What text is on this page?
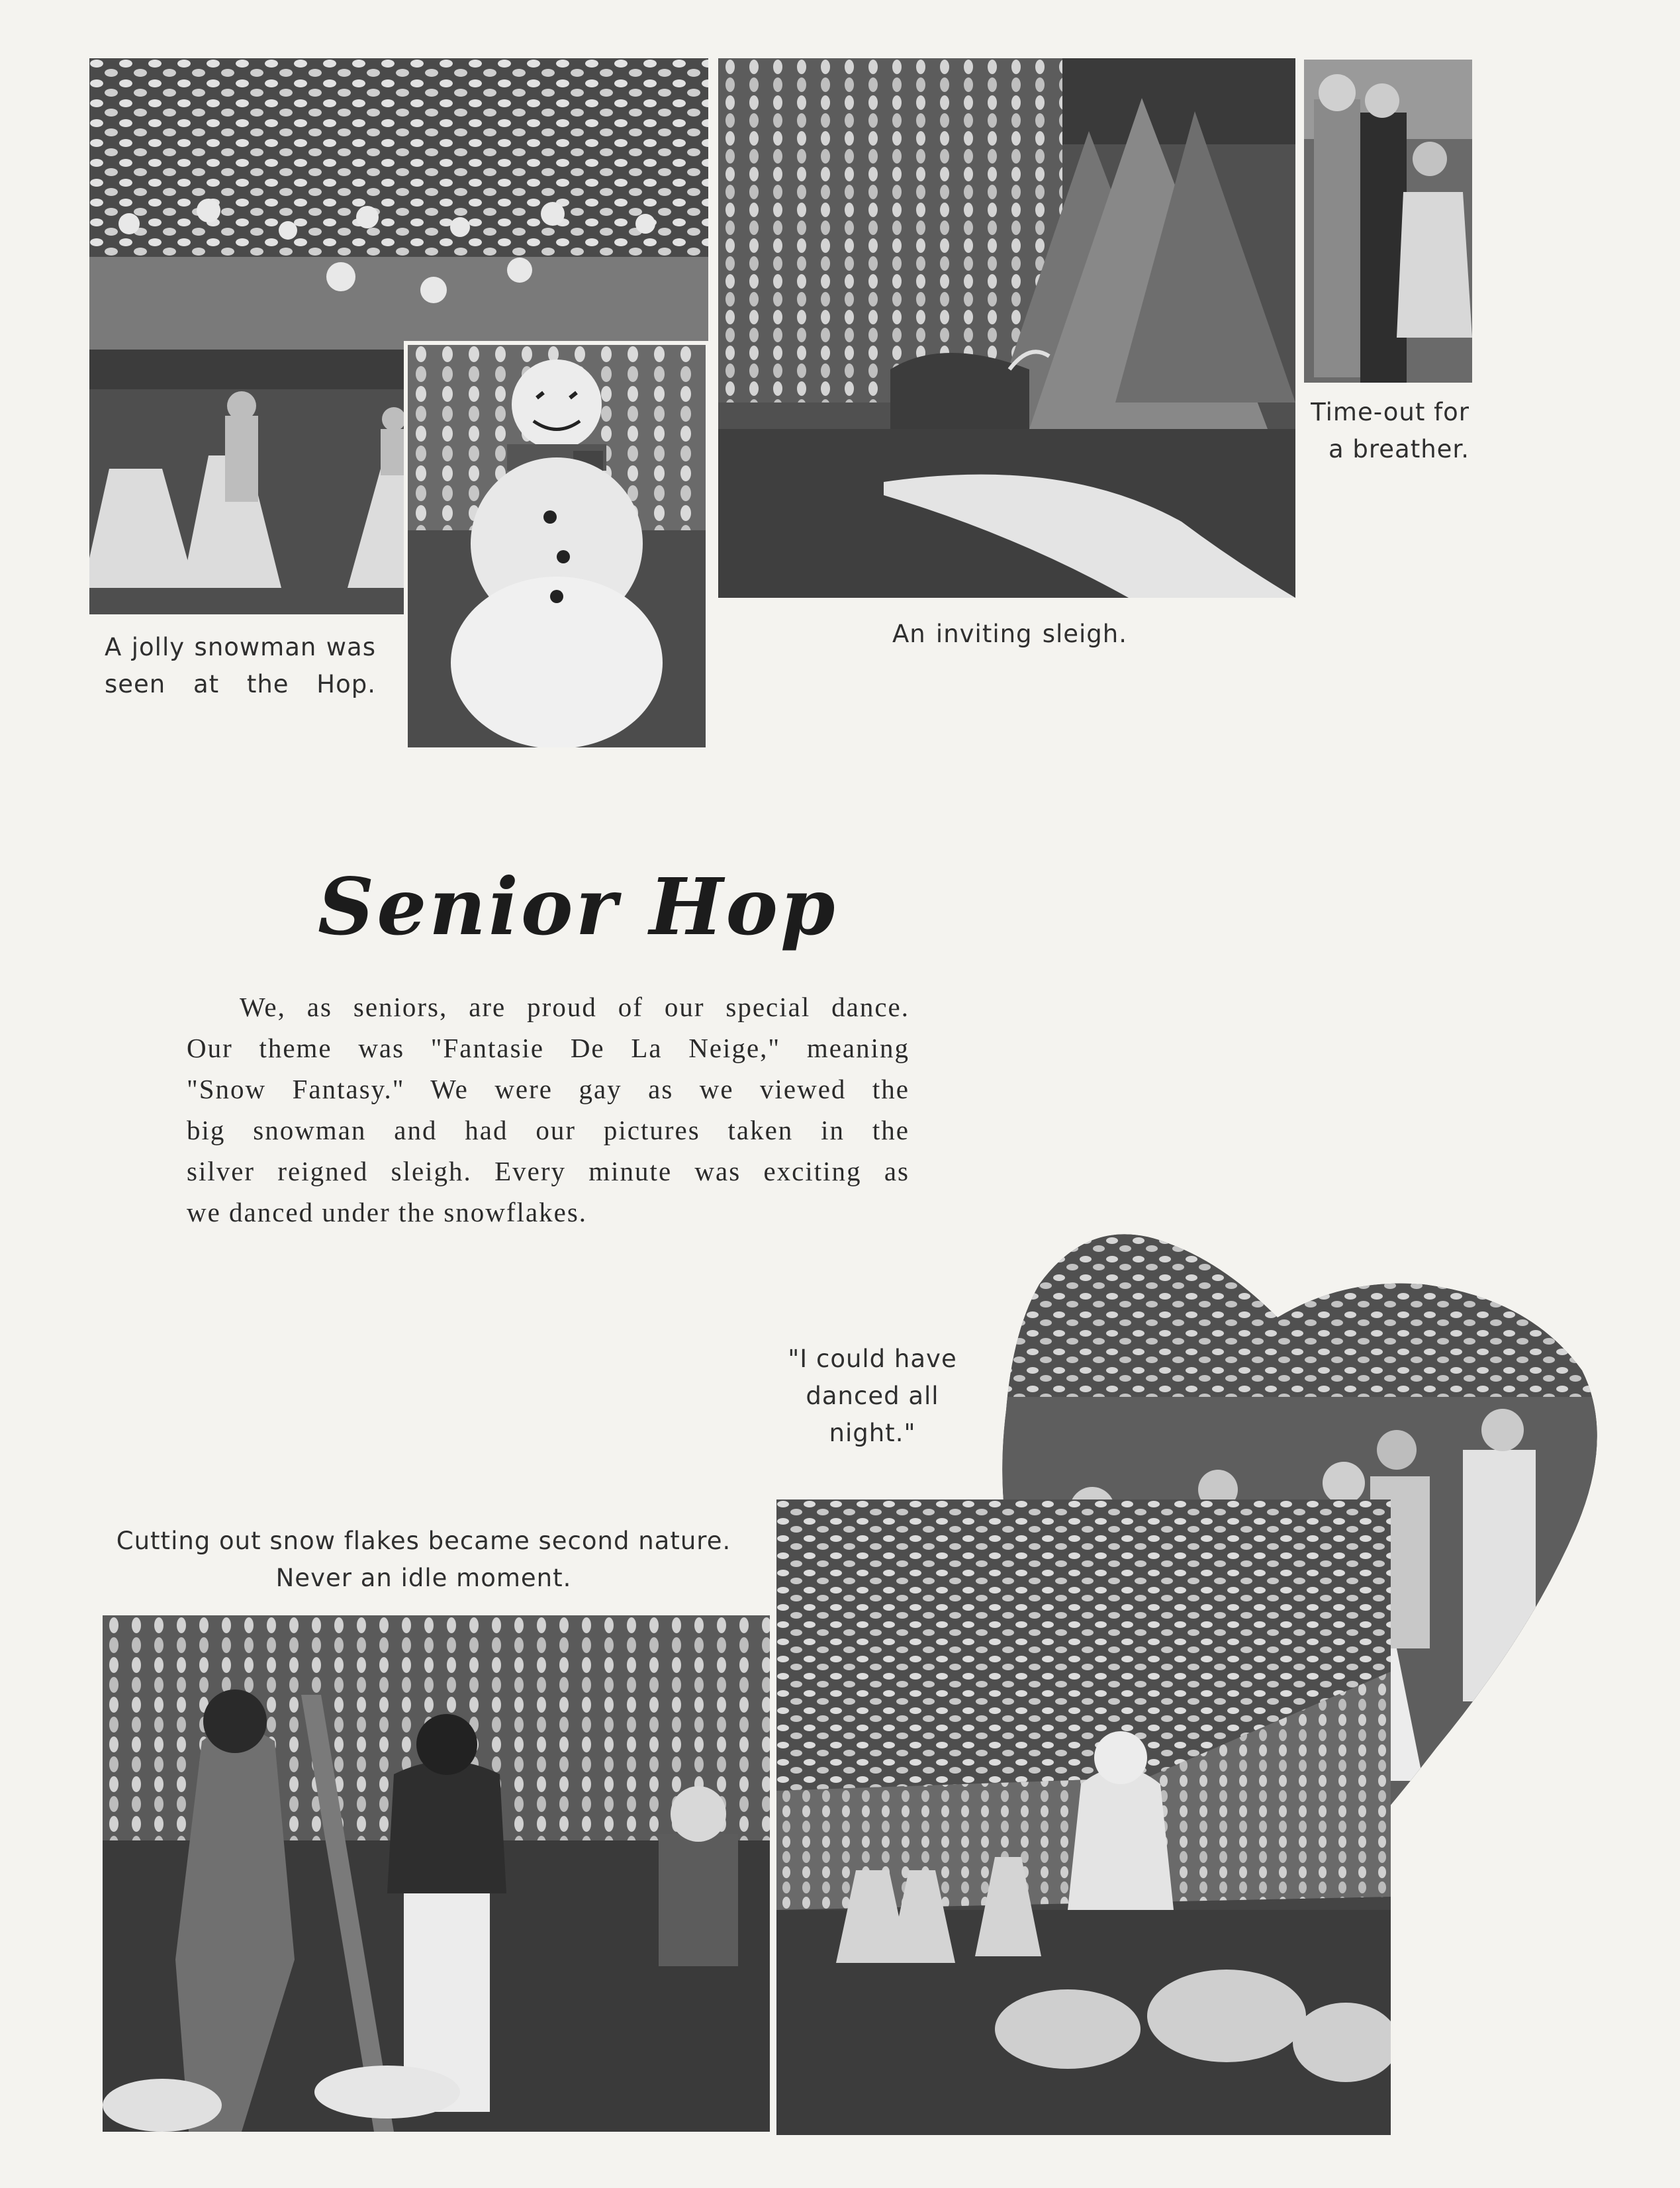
A jolly snowman was
seen at the Hop.

An inviting sleigh.

Time-out for
a breather.

Senior Hop

We, as seniors, are proud of our special dance.
Our theme was "Fantasie De La Neige," meaning
"Snow Fantasy." We were gay as we viewed the
big snowman and had our pictures taken in the
silver reigned sleigh. Every minute was exciting as
we danced under the snowflakes.

"I could have
danced all
night."

Cutting out snow flakes became second nature.
Never an idle moment.
